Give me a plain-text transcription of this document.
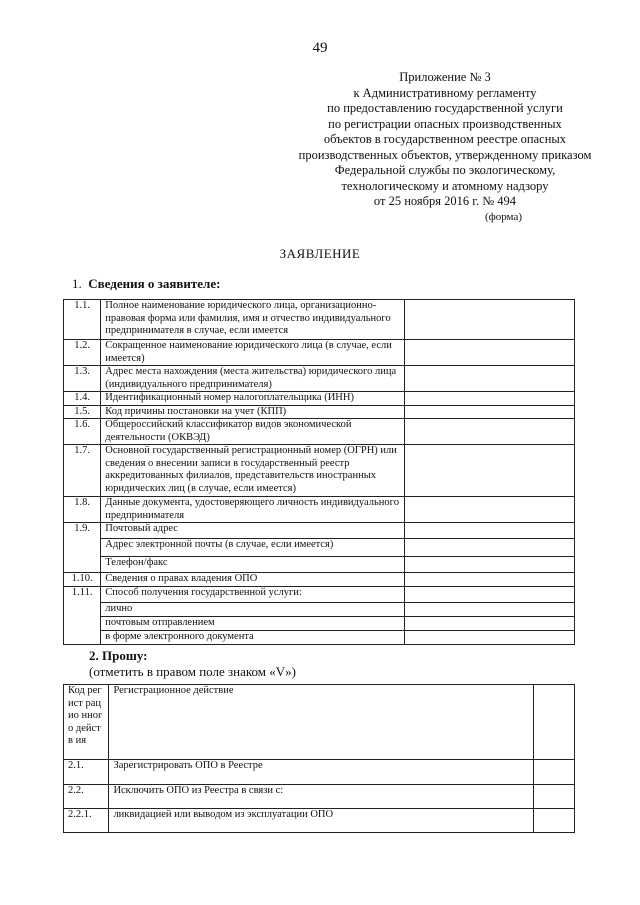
49
Приложение № 3
к Административному регламенту
по предоставлению государственной услуги
по регистрации опасных производственных
объектов в государственном реестре опасных
производственных объектов, утвержденному приказом
Федеральной службы по экологическому,
технологическому и атомному надзору
от 25 ноября 2016 г. № 494
(форма)
ЗАЯВЛЕНИЕ
1. Сведения о заявителе:
1.1.	Полное наименование юридического лица, организационно-правовая форма или фамилия, имя и отчество индивидуального предпринимателя в случае, если имеется	
1.2.	Сокращенное наименование юридического лица (в случае, если имеется)	
1.3.	Адрес места нахождения (места жительства) юридического лица (индивидуального предпринимателя)	
1.4.	Идентификационный номер налогоплательщика (ИНН)	
1.5.	Код причины постановки на учет (КПП)	
1.6.	Общероссийский классификатор видов экономической деятельности (ОКВЭД)	
1.7.	Основной государственный регистрационный номер (ОГРН) или сведения о внесении записи в государственный реестр аккредитованных филиалов, представительств иностранных юридических лиц (в случае, если имеется)	
1.8.	Данные документа, удостоверяющего личность индивидуального предпринимателя	
1.9.	Почтовый адрес	
	Адрес электронной почты (в случае, если имеется)	
	Телефон/факс	
1.10.	Сведения о правах владения ОПО	
1.11.	Способ получения государственной услуги:	
	лично	
	почтовым отправлением	
	в форме электронного документа	
2. Прошу:
(отметить в правом поле знаком «V»)
Код регист рацио нного действ ия	Регистрационное действие	
2.1.	Зарегистрировать ОПО в Реестре	
2.2.	Исключить ОПО из Реестра в связи с:	
2.2.1.	ликвидацией или выводом из эксплуатации ОПО	
